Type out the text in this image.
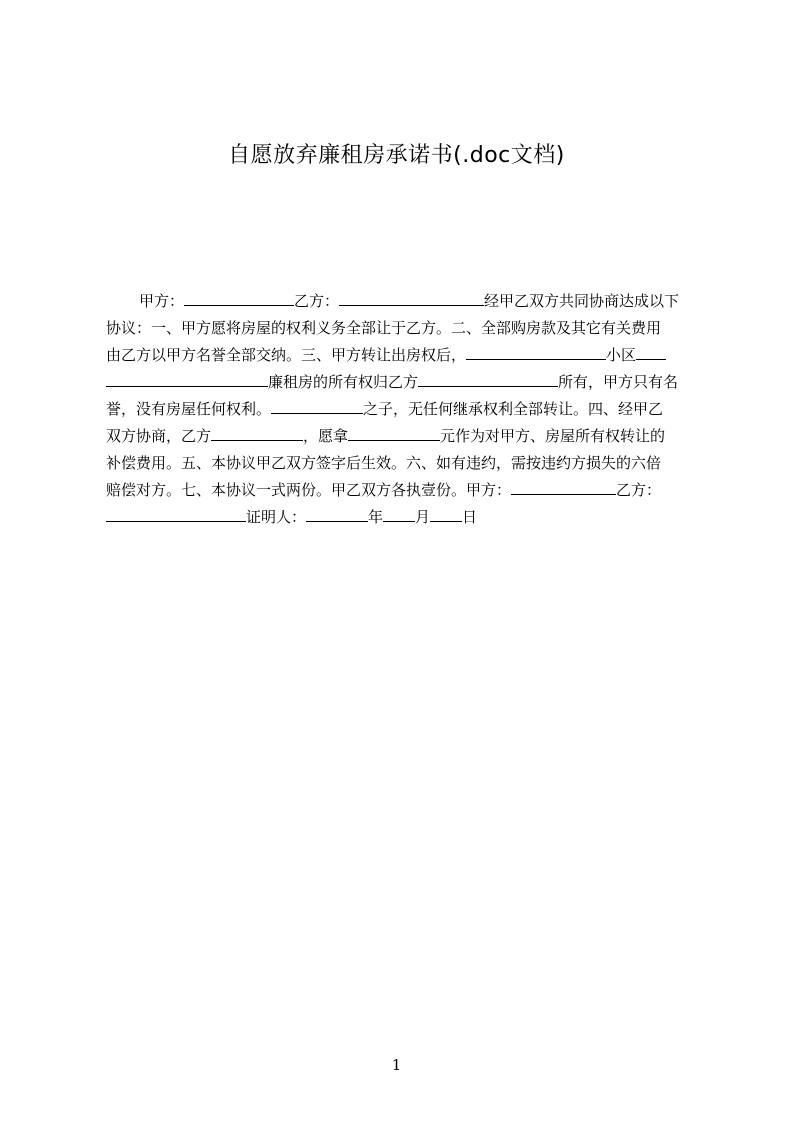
自愿放弃廉租房承诺书(.doc文档)
甲方：	乙方：	经甲乙双方共同协商达成以下
协议：一、甲方愿将房屋的权利义务全部让于乙方。二、全部购房款及其它有关费用
由乙方以甲方名誉全部交纳。三、甲方转让出房权后，	小区
廉租房的所有权归乙方	所有，甲方只有名
誉，没有房屋任何权利。	之子，无任何继承权利全部转让。四、经甲乙
双方协商，乙方	，愿拿	元作为对甲方、房屋所有权转让的
补偿费用。五、本协议甲乙双方签字后生效。六、如有违约，需按违约方损失的六倍
赔偿对方。七、本协议一式两份。甲乙双方各执壹份。甲方：	乙方：
证明人：	年 月 日
1
